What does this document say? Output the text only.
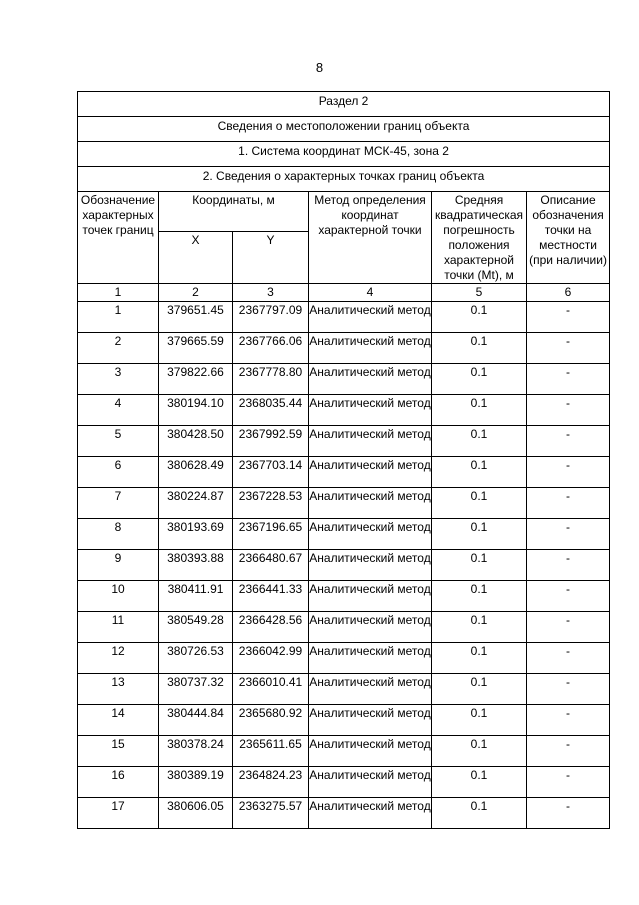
8
Раздел 2					
Сведения о местоположении границ объекта					
1. Система координат МСК-45, зона 2					
2. Сведения о характерных точках границ объекта					
Обозначение характерных точек границ	Координаты, м		Метод определения координат характерной точки	Средняя квадратическая погрешность положения характерной точки (Mt), м	Описание обозначения точки на местности (при наличии)
	X	Y			
1	2	3	4	5	6
1	379651.45	2367797.09	Аналитический метод	0.1	-
2	379665.59	2367766.06	Аналитический метод	0.1	-
3	379822.66	2367778.80	Аналитический метод	0.1	-
4	380194.10	2368035.44	Аналитический метод	0.1	-
5	380428.50	2367992.59	Аналитический метод	0.1	-
6	380628.49	2367703.14	Аналитический метод	0.1	-
7	380224.87	2367228.53	Аналитический метод	0.1	-
8	380193.69	2367196.65	Аналитический метод	0.1	-
9	380393.88	2366480.67	Аналитический метод	0.1	-
10	380411.91	2366441.33	Аналитический метод	0.1	-
11	380549.28	2366428.56	Аналитический метод	0.1	-
12	380726.53	2366042.99	Аналитический метод	0.1	-
13	380737.32	2366010.41	Аналитический метод	0.1	-
14	380444.84	2365680.92	Аналитический метод	0.1	-
15	380378.24	2365611.65	Аналитический метод	0.1	-
16	380389.19	2364824.23	Аналитический метод	0.1	-
17	380606.05	2363275.57	Аналитический метод	0.1	-
